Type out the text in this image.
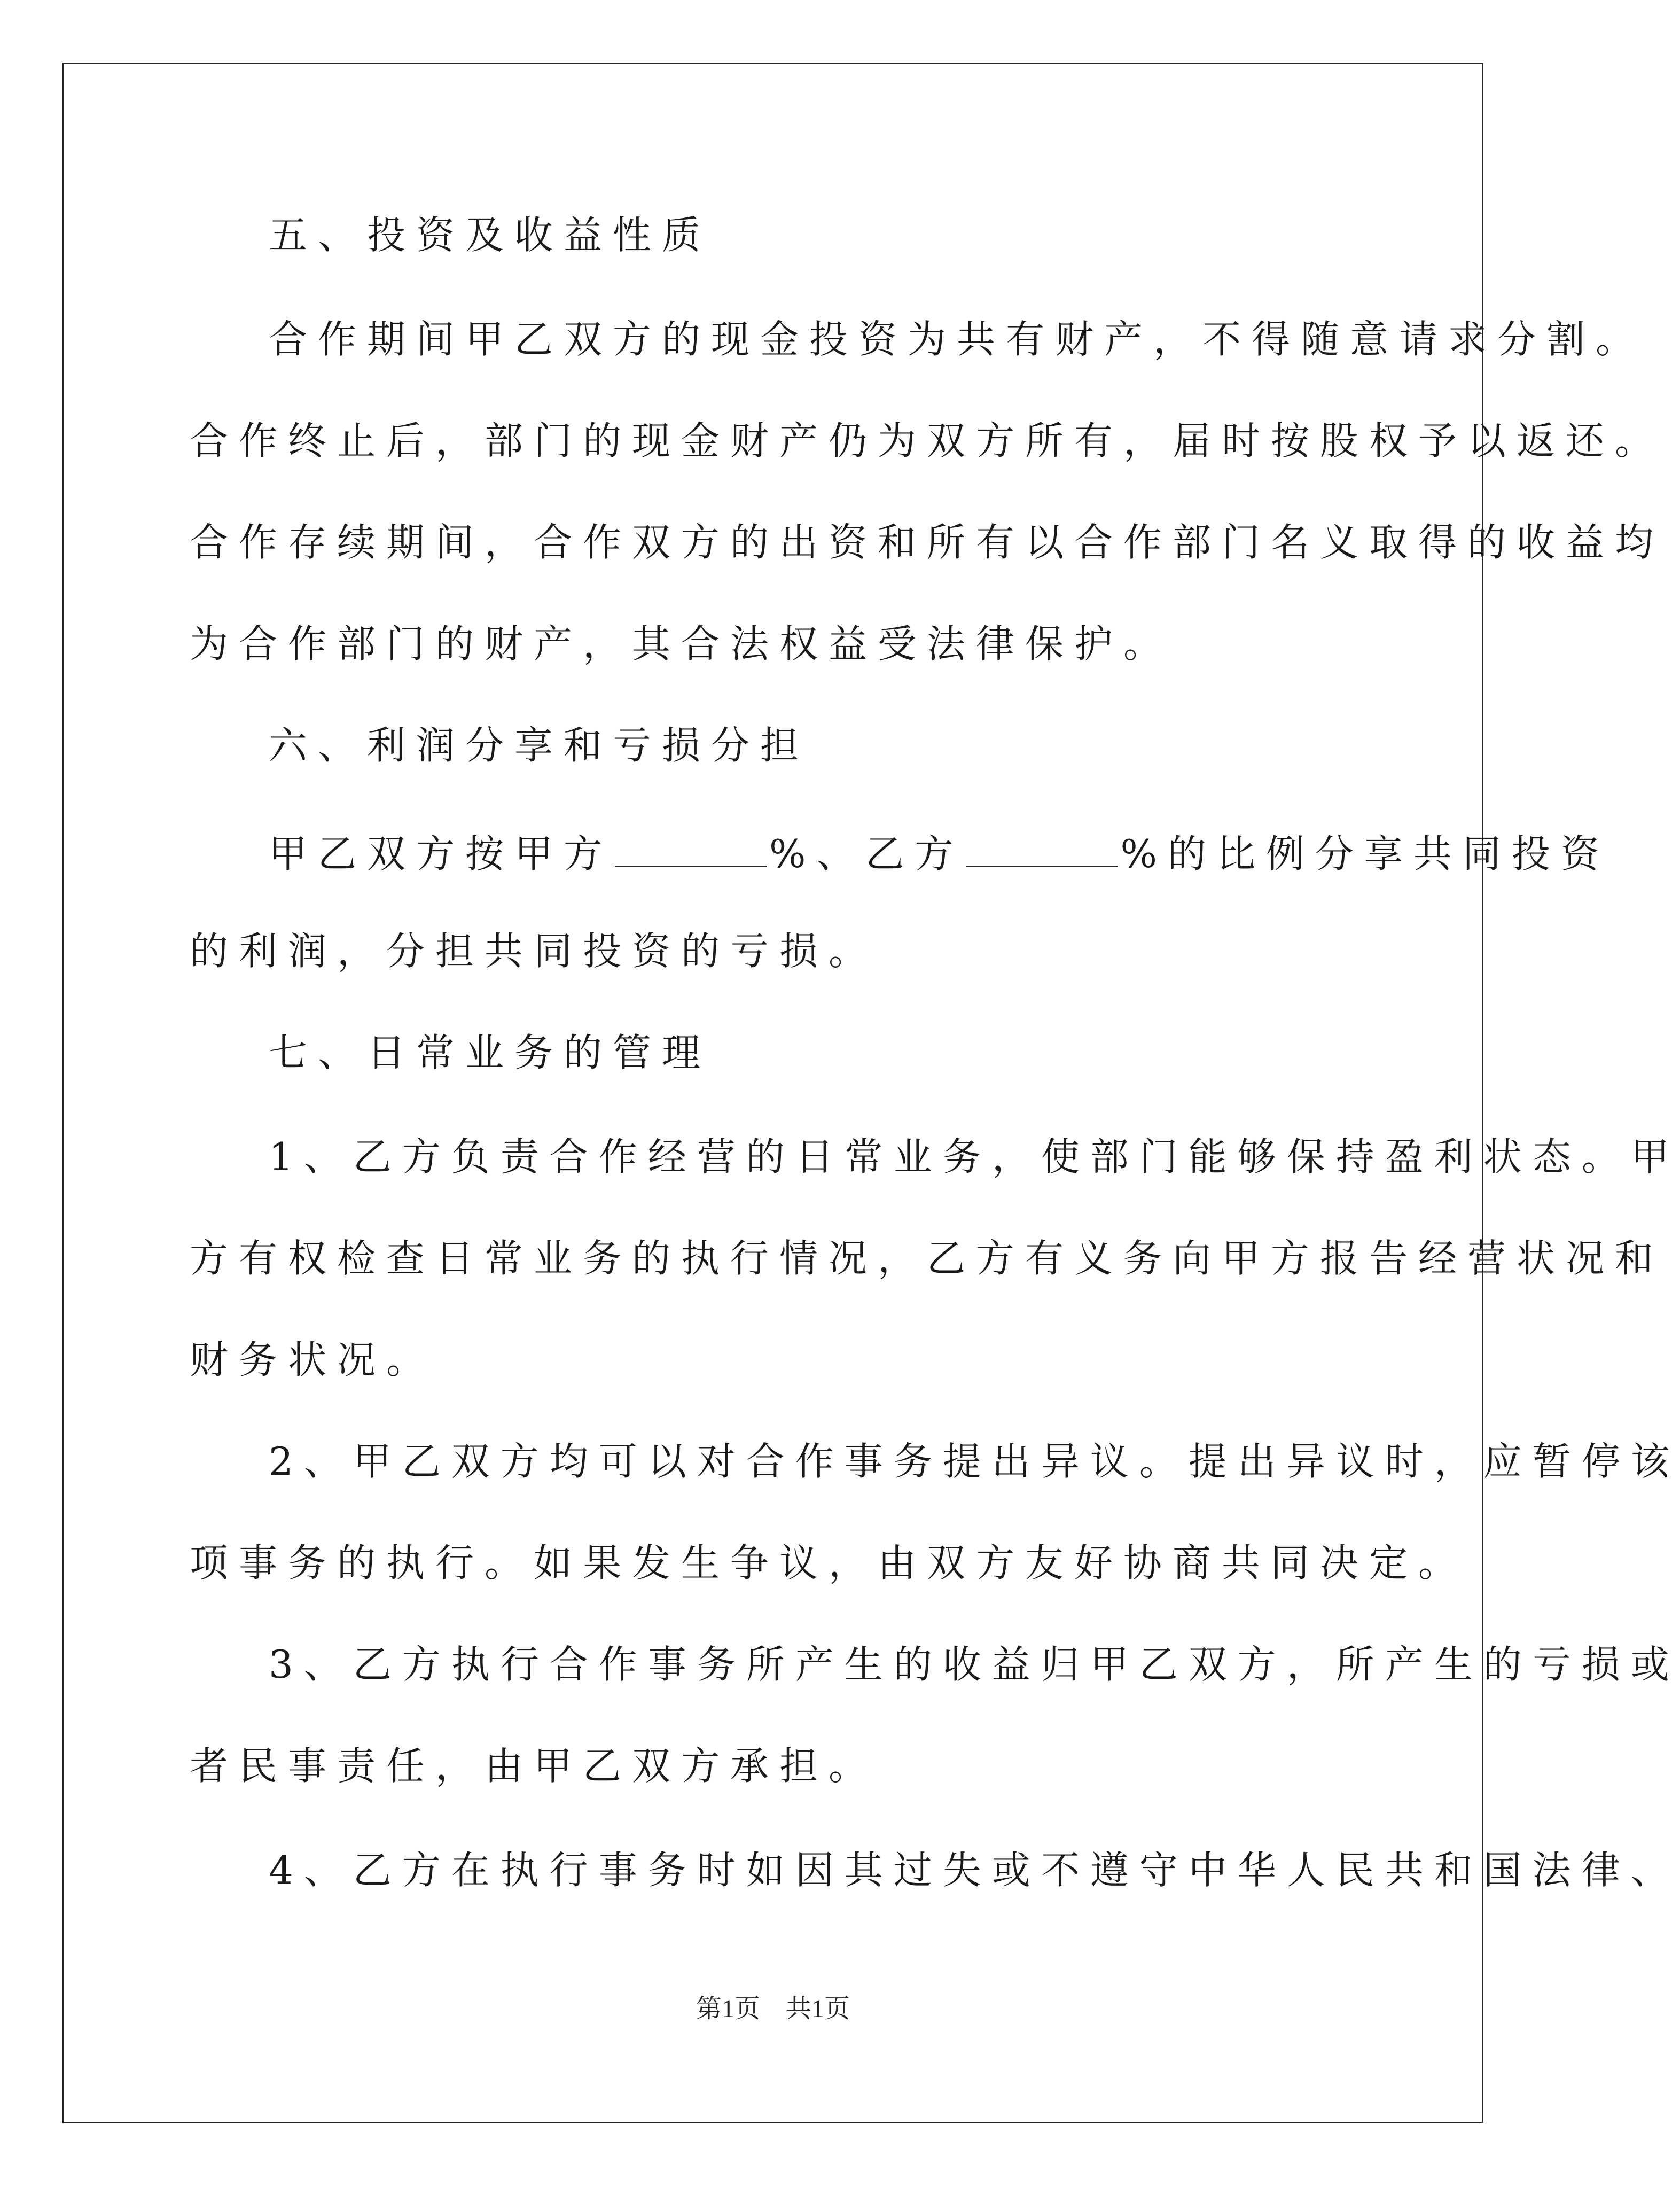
五、投资及收益性质
合作期间甲乙双方的现金投资为共有财产，不得随意请求分割。
合作终止后，部门的现金财产仍为双方所有，届时按股权予以返还。
合作存续期间，合作双方的出资和所有以合作部门名义取得的收益均
为合作部门的财产，其合法权益受法律保护。
六、利润分享和亏损分担
甲乙双方按甲方	%、乙方	%的比例分享共同投资
的利润，分担共同投资的亏损。
七、日常业务的管理
1、乙方负责合作经营的日常业务，使部门能够保持盈利状态。甲
方有权检查日常业务的执行情况，乙方有义务向甲方报告经营状况和
财务状况。
2、甲乙双方均可以对合作事务提出异议。提出异议时，应暂停该
项事务的执行。如果发生争议，由双方友好协商共同决定。
3、乙方执行合作事务所产生的收益归甲乙双方，所产生的亏损或
者民事责任，由甲乙双方承担。
4、乙方在执行事务时如因其过失或不遵守中华人民共和国法律、
第1页　共1页
